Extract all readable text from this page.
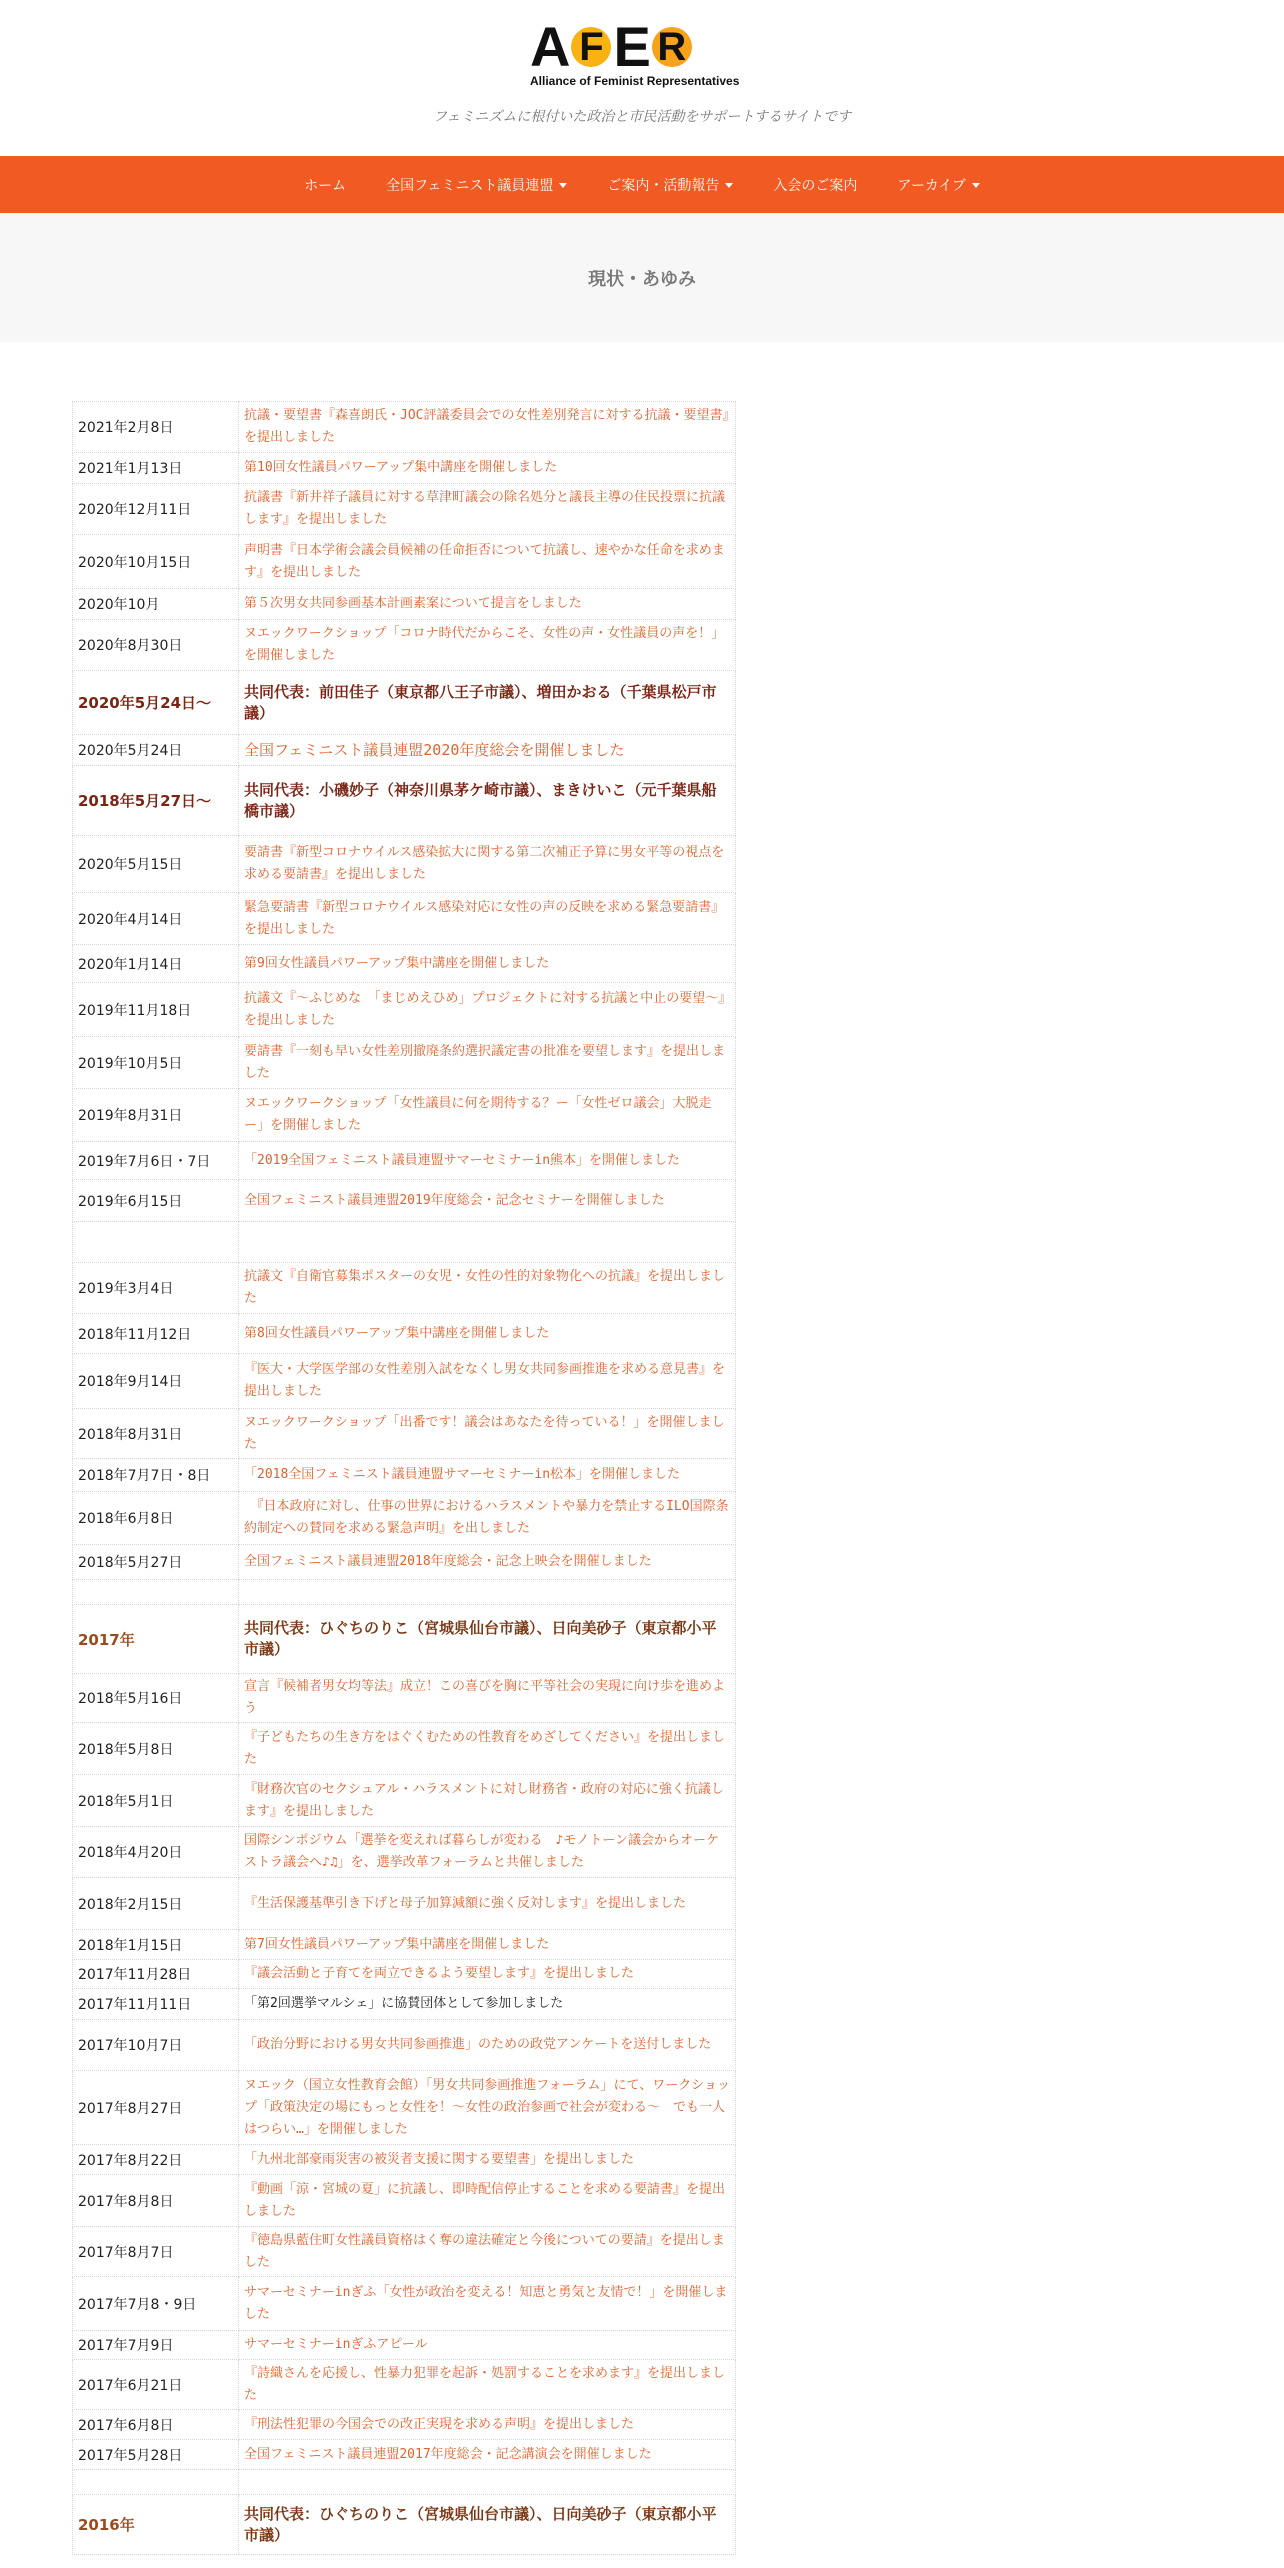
A F E R
Alliance of Feminist Representatives
フェミニズムに根付いた政治と市民活動をサポートするサイトです
ホーム	全国フェミニスト議員連盟	ご案内・活動報告	入会のご案内	アーカイブ
現状・あゆみ
2021年2月8日	抗議・要望書『森喜朗氏・JOC評議委員会での女性差別発言に対する抗議・要望書』を提出しました
2021年1月13日	第10回女性議員パワーアップ集中講座を開催しました
2020年12月11日	抗議書『新井祥子議員に対する草津町議会の除名処分と議長主導の住民投票に抗議します』を提出しました
2020年10月15日	声明書『日本学術会議会員候補の任命拒否について抗議し、速やかな任命を求めます』を提出しました
2020年10月	第５次男女共同参画基本計画素案について提言をしました
2020年8月30日	ヌエックワークショップ「コロナ時代だからこそ、女性の声・女性議員の声を！」を開催しました
2020年5月24日～	共同代表：前田佳子（東京都八王子市議）、増田かおる（千葉県松戸市議）
2020年5月24日	全国フェミニスト議員連盟2020年度総会を開催しました
2018年5月27日～	共同代表：小磯妙子（神奈川県茅ケ崎市議）、まきけいこ（元千葉県船橋市議）
2020年5月15日	要請書『新型コロナウイルス感染拡大に関する第二次補正予算に男女平等の視点を求める要請書』を提出しました
2020年4月14日	緊急要請書『新型コロナウイルス感染対応に女性の声の反映を求める緊急要請書』を提出しました
2020年1月14日	第9回女性議員パワーアップ集中講座を開催しました
2019年11月18日	抗議文『～ふじめな　「まじめえひめ」プロジェクトに対する抗議と中止の要望～』を提出しました
2019年10月5日	要請書『一刻も早い女性差別撤廃条約選択議定書の批准を要望します』を提出しました
2019年8月31日	ヌエックワークショップ「女性議員に何を期待する？ー「女性ゼロ議会」大脱走ー」を開催しました
2019年7月6日・7日	「2019全国フェミニスト議員連盟サマーセミナーin熊本」を開催しました
2019年6月15日	全国フェミニスト議員連盟2019年度総会・記念セミナーを開催しました

2019年3月4日	抗議文『自衛官募集ポスターの女児・女性の性的対象物化への抗議』を提出しました
2018年11月12日	第8回女性議員パワーアップ集中講座を開催しました
2018年9月14日	『医大・大学医学部の女性差別入試をなくし男女共同参画推進を求める意見書』を提出しました
2018年8月31日	ヌエックワークショップ「出番です！議会はあなたを待っている！」を開催しました
2018年7月7日・8日	「2018全国フェミニスト議員連盟サマーセミナーin松本」を開催しました
2018年6月8日	　『日本政府に対し、仕事の世界におけるハラスメントや暴力を禁止するILO国際条約制定への賛同を求める緊急声明』を出しました
2018年5月27日	全国フェミニスト議員連盟2018年度総会・記念上映会を開催しました

2017年	共同代表：ひぐちのりこ（宮城県仙台市議）、日向美砂子（東京都小平市議）
2018年5月16日	宣言『候補者男女均等法』成立！この喜びを胸に平等社会の実現に向け歩を進めよう
2018年5月8日	『子どもたちの生き方をはぐくむための性教育をめざしてください』を提出しました
2018年5月1日	『財務次官のセクシュアル・ハラスメントに対し財務省・政府の対応に強く抗議します』を提出しました
2018年4月20日	国際シンポジウム「選挙を変えれば暮らしが変わる　♪モノトーン議会からオーケストラ議会へ♪♫」を、選挙改革フォーラムと共催しました
2018年2月15日	『生活保護基準引き下げと母子加算減額に強く反対します』を提出しました
2018年1月15日	第7回女性議員パワーアップ集中講座を開催しました
2017年11月28日	『議会活動と子育てを両立できるよう要望します』を提出しました
2017年11月11日	「第2回選挙マルシェ」に協賛団体として参加しました
2017年10月7日	「政治分野における男女共同参画推進」のための政党アンケートを送付しました
2017年8月27日	ヌエック（国立女性教育会館）「男女共同参画推進フォーラム」にて、ワークショップ「政策決定の場にもっと女性を！～女性の政治参画で社会が変わる～　でも一人はつらい…」を開催しました
2017年8月22日	「九州北部豪雨災害の被災者支援に関する要望書」を提出しました
2017年8月8日	『動画「涼・宮城の夏」に抗議し、即時配信停止することを求める要請書』を提出しました
2017年8月7日	『徳島県藍住町女性議員資格はく奪の違法確定と今後についての要請』を提出しました
2017年7月8・9日	サマーセミナーinぎふ「女性が政治を変える！知恵と勇気と友情で！」を開催しました
2017年7月9日	サマーセミナーinぎふアピール
2017年6月21日	『詩織さんを応援し、性暴力犯罪を起訴・処罰することを求めます』を提出しました
2017年6月8日	『刑法性犯罪の今国会での改正実現を求める声明』を提出しました
2017年5月28日	全国フェミニスト議員連盟2017年度総会・記念講演会を開催しました

2016年	共同代表：ひぐちのりこ（宮城県仙台市議）、日向美砂子（東京都小平市議）
